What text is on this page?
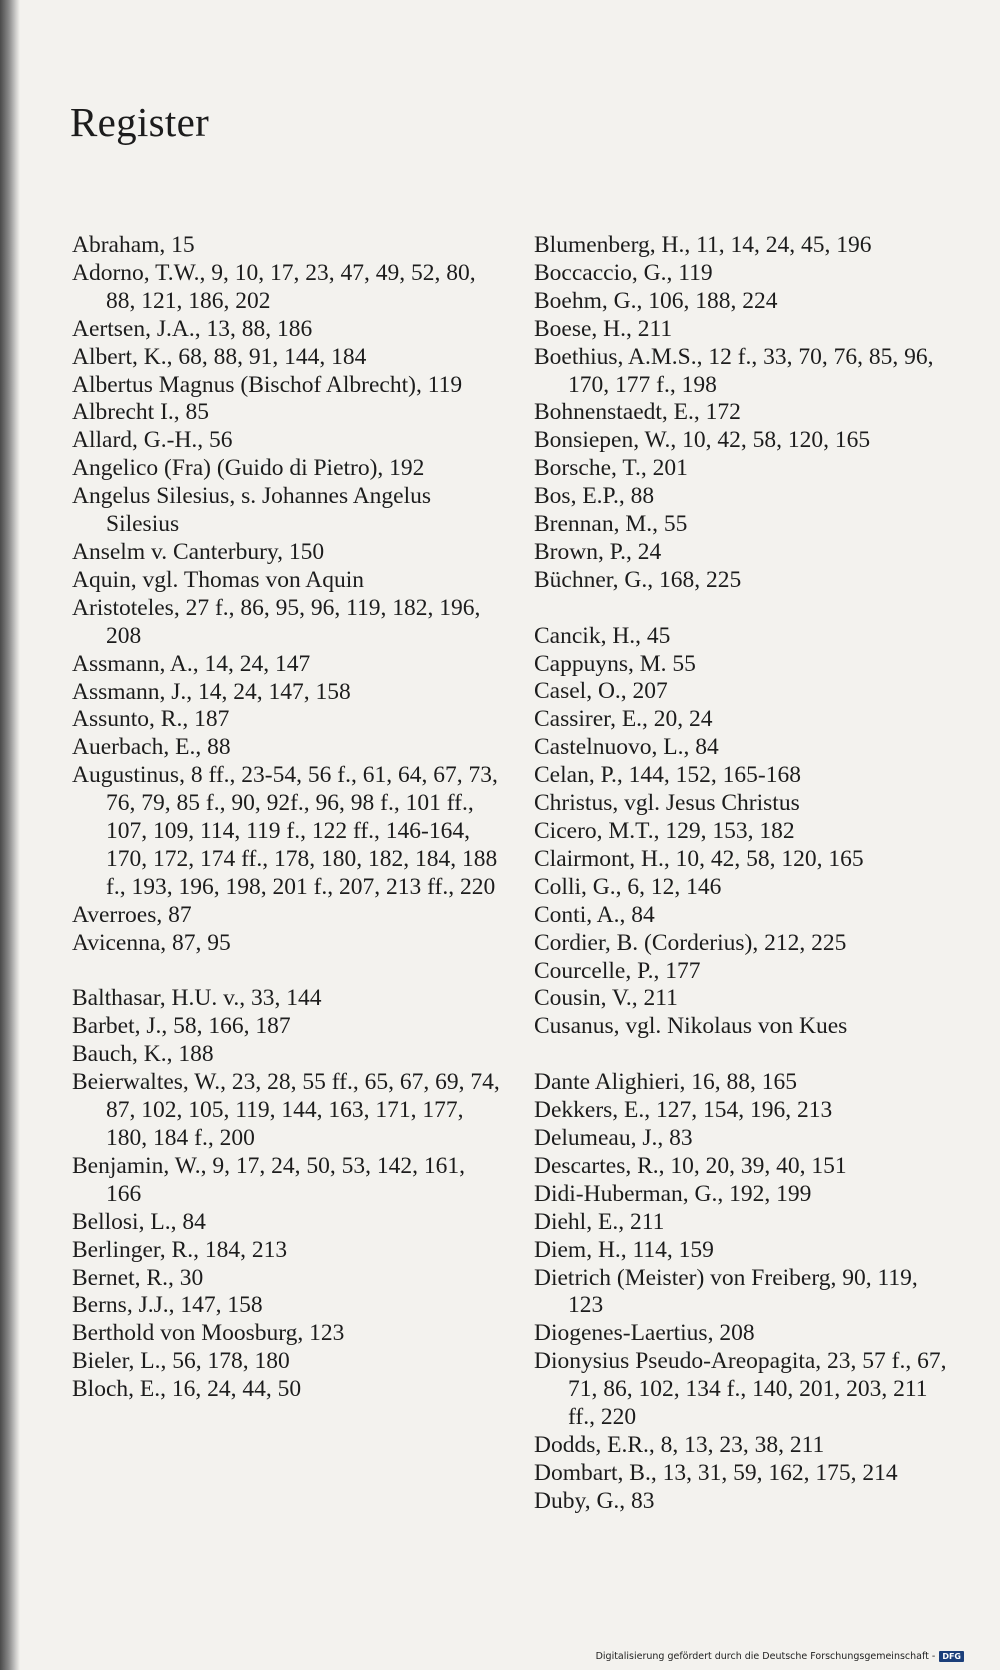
Register
Abraham, 15
Adorno, T.W., 9, 10, 17, 23, 47, 49, 52, 80, 88, 121, 186, 202
Aertsen, J.A., 13, 88, 186
Albert, K., 68, 88, 91, 144, 184
Albertus Magnus (Bischof Albrecht), 119
Albrecht I., 85
Allard, G.-H., 56
Angelico (Fra) (Guido di Pietro), 192
Angelus Silesius, s. Johannes Angelus Silesius
Anselm v. Canterbury, 150
Aquin, vgl. Thomas von Aquin
Aristoteles, 27 f., 86, 95, 96, 119, 182, 196, 208
Assmann, A., 14, 24, 147
Assmann, J., 14, 24, 147, 158
Assunto, R., 187
Auerbach, E., 88
Augustinus, 8 ff., 23-54, 56 f., 61, 64, 67, 73, 76, 79, 85 f., 90, 92f., 96, 98 f., 101 ff., 107, 109, 114, 119 f., 122 ff., 146-164, 170, 172, 174 ff., 178, 180, 182, 184, 188 f., 193, 196, 198, 201 f., 207, 213 ff., 220
Averroes, 87
Avicenna, 87, 95
Balthasar, H.U. v., 33, 144
Barbet, J., 58, 166, 187
Bauch, K., 188
Beierwaltes, W., 23, 28, 55 ff., 65, 67, 69, 74, 87, 102, 105, 119, 144, 163, 171, 177, 180, 184 f., 200
Benjamin, W., 9, 17, 24, 50, 53, 142, 161, 166
Bellosi, L., 84
Berlinger, R., 184, 213
Bernet, R., 30
Berns, J.J., 147, 158
Berthold von Moosburg, 123
Bieler, L., 56, 178, 180
Bloch, E., 16, 24, 44, 50
Blumenberg, H., 11, 14, 24, 45, 196
Boccaccio, G., 119
Boehm, G., 106, 188, 224
Boese, H., 211
Boethius, A.M.S., 12 f., 33, 70, 76, 85, 96, 170, 177 f., 198
Bohnenstaedt, E., 172
Bonsiepen, W., 10, 42, 58, 120, 165
Borsche, T., 201
Bos, E.P., 88
Brennan, M., 55
Brown, P., 24
Büchner, G., 168, 225
Cancik, H., 45
Cappuyns, M. 55
Casel, O., 207
Cassirer, E., 20, 24
Castelnuovo, L., 84
Celan, P., 144, 152, 165-168
Christus, vgl. Jesus Christus
Cicero, M.T., 129, 153, 182
Clairmont, H., 10, 42, 58, 120, 165
Colli, G., 6, 12, 146
Conti, A., 84
Cordier, B. (Corderius), 212, 225
Courcelle, P., 177
Cousin, V., 211
Cusanus, vgl. Nikolaus von Kues
Dante Alighieri, 16, 88, 165
Dekkers, E., 127, 154, 196, 213
Delumeau, J., 83
Descartes, R., 10, 20, 39, 40, 151
Didi-Huberman, G., 192, 199
Diehl, E., 211
Diem, H., 114, 159
Dietrich (Meister) von Freiberg, 90, 119, 123
Diogenes-Laertius, 208
Dionysius Pseudo-Areopagita, 23, 57 f., 67, 71, 86, 102, 134 f., 140, 201, 203, 211 ff., 220
Dodds, E.R., 8, 13, 23, 38, 211
Dombart, B., 13, 31, 59, 162, 175, 214
Duby, G., 83
Digitalisierung gefördert durch die Deutsche Forschungsgemeinschaft - DFG
